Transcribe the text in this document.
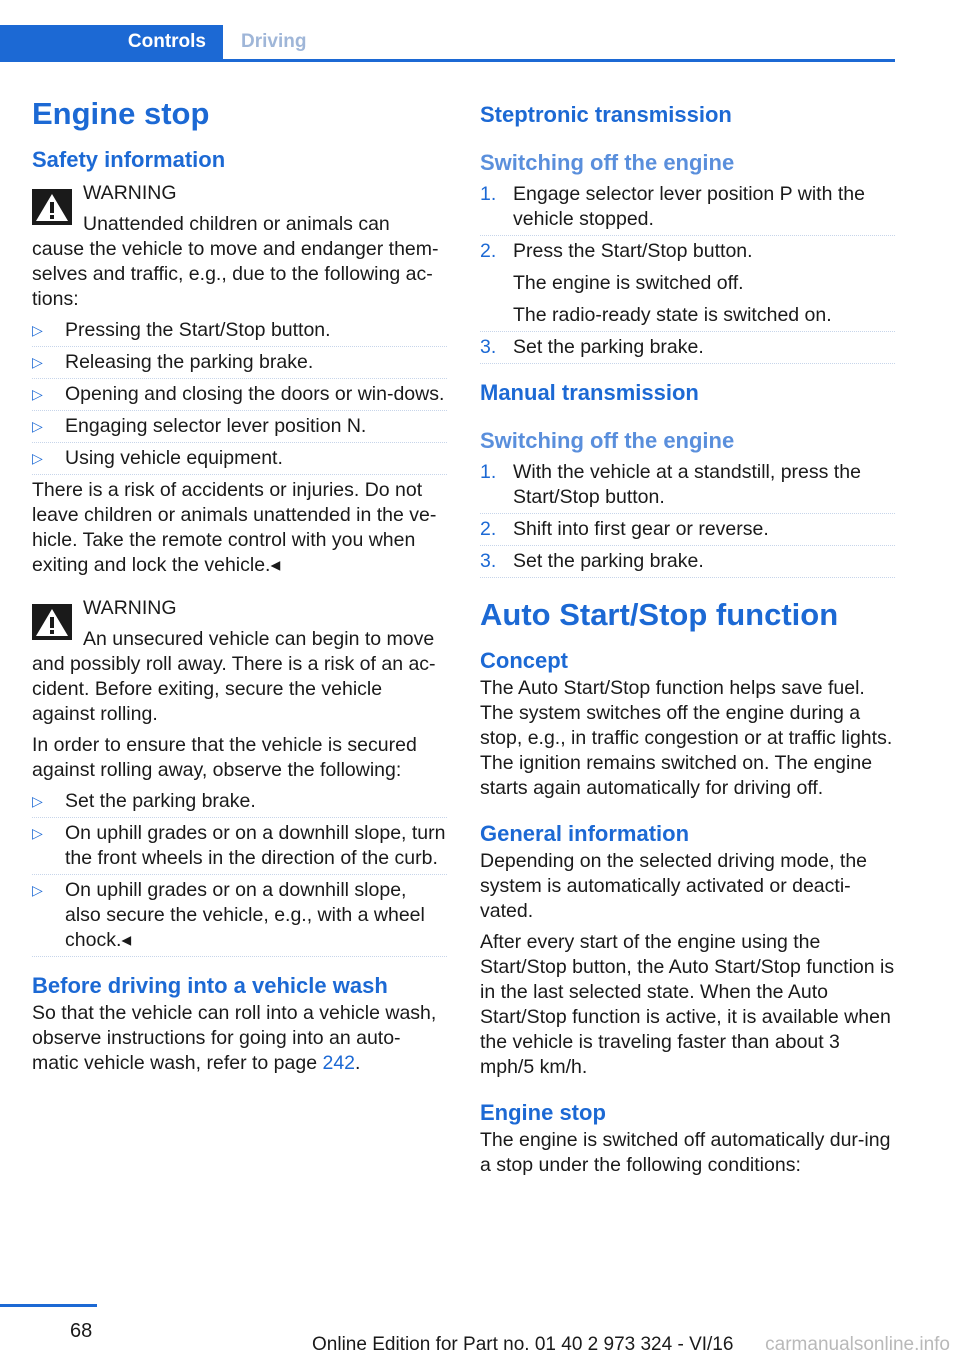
Controls Driving
Engine stop
Safety information

WARNING

Unattended children or animals can

cause the vehicle to move and endanger them-selves and traffic, e.g., due to the following ac-tions:

▷ Pressing the Start/Stop button.
▷ Releasing the parking brake.
▷ Opening and closing the doors or win-dows.
▷ Engaging selector lever position N.
▷ Using vehicle equipment.

There is a risk of accidents or injuries. Do not leave children or animals unattended in the ve-hicle. Take the remote control with you when exiting and lock the vehicle.◂

WARNING

An unsecured vehicle can begin to move

and possibly roll away. There is a risk of an ac-cident. Before exiting, secure the vehicle against rolling.

In order to ensure that the vehicle is secured against rolling away, observe the following:

▷ Set the parking brake.
▷ On uphill grades or on a downhill slope, turn the front wheels in the direction of the curb.
▷ On uphill grades or on a downhill slope, also secure the vehicle, e.g., with a wheel chock.◂
Before driving into a vehicle wash

So that the vehicle can roll into a vehicle wash, observe instructions for going into an auto-matic vehicle wash, refer to page 242.

Steptronic transmission
Switching off the engine
1. Engage selector lever position P with the vehicle stopped.
2. Press the Start/Stop button.
The engine is switched off.
The radio-ready state is switched on.
3. Set the parking brake.
Manual transmission
Switching off the engine
1. With the vehicle at a standstill, press the Start/Stop button.
2. Shift into first gear or reverse.
3. Set the parking brake.
Auto Start/Stop function
Concept

The Auto Start/Stop function helps save fuel. The system switches off the engine during a stop, e.g., in traffic congestion or at traffic lights. The ignition remains switched on. The engine starts again automatically for driving off.

General information

Depending on the selected driving mode, the system is automatically activated or deacti-vated.

After every start of the engine using the Start/Stop button, the Auto Start/Stop function is in the last selected state. When the Auto Start/Stop function is active, it is available when the vehicle is traveling faster than about 3 mph/5 km/h.

Engine stop

The engine is switched off automatically dur-ing a stop under the following conditions:

68
Online Edition for Part no. 01 40 2 973 324 - VI/16 carmanualsonline.info
